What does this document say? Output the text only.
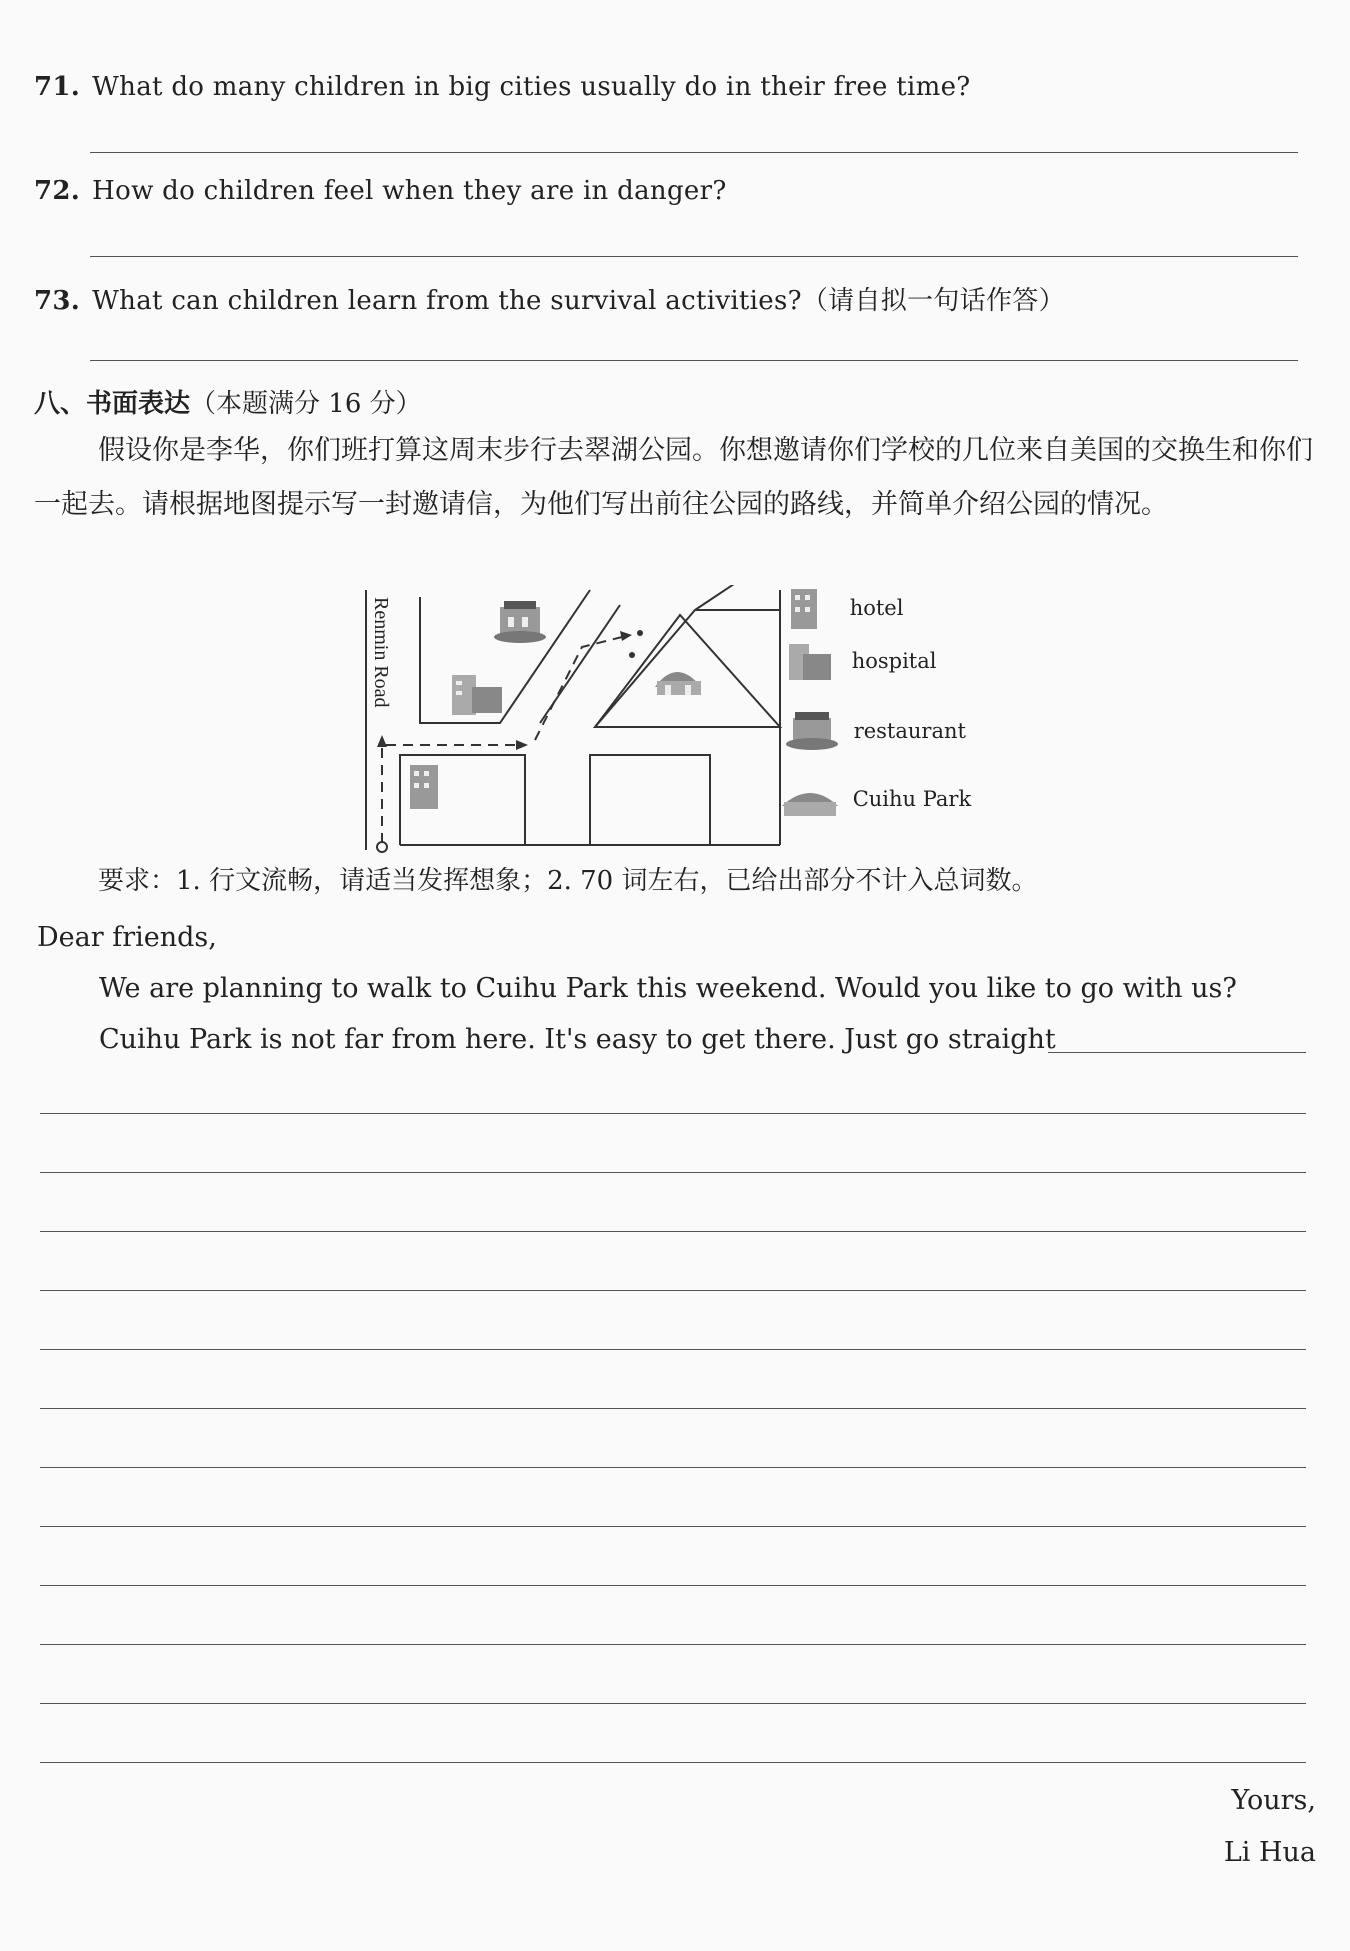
71. What do many children in big cities usually do in their free time?
72. How do children feel when they are in danger?
73. What can children learn from the survival activities?（请自拟一句话作答）
八、书面表达（本题满分 16 分）
假设你是李华，你们班打算这周末步行去翠湖公园。你想邀请你们学校的几位来自美国的交换生和你们一起去。请根据地图提示写一封邀请信，为他们写出前往公园的路线，并简单介绍公园的情况。
Renmin Road	hotel
hospital
restaurant
Cuihu Park
要求：1. 行文流畅，请适当发挥想象；2. 70 词左右，已给出部分不计入总词数。
Dear friends,
We are planning to walk to Cuihu Park this weekend. Would you like to go with us?
Cuihu Park is not far from here. It's easy to get there. Just go straight
Yours,
Li Hua
